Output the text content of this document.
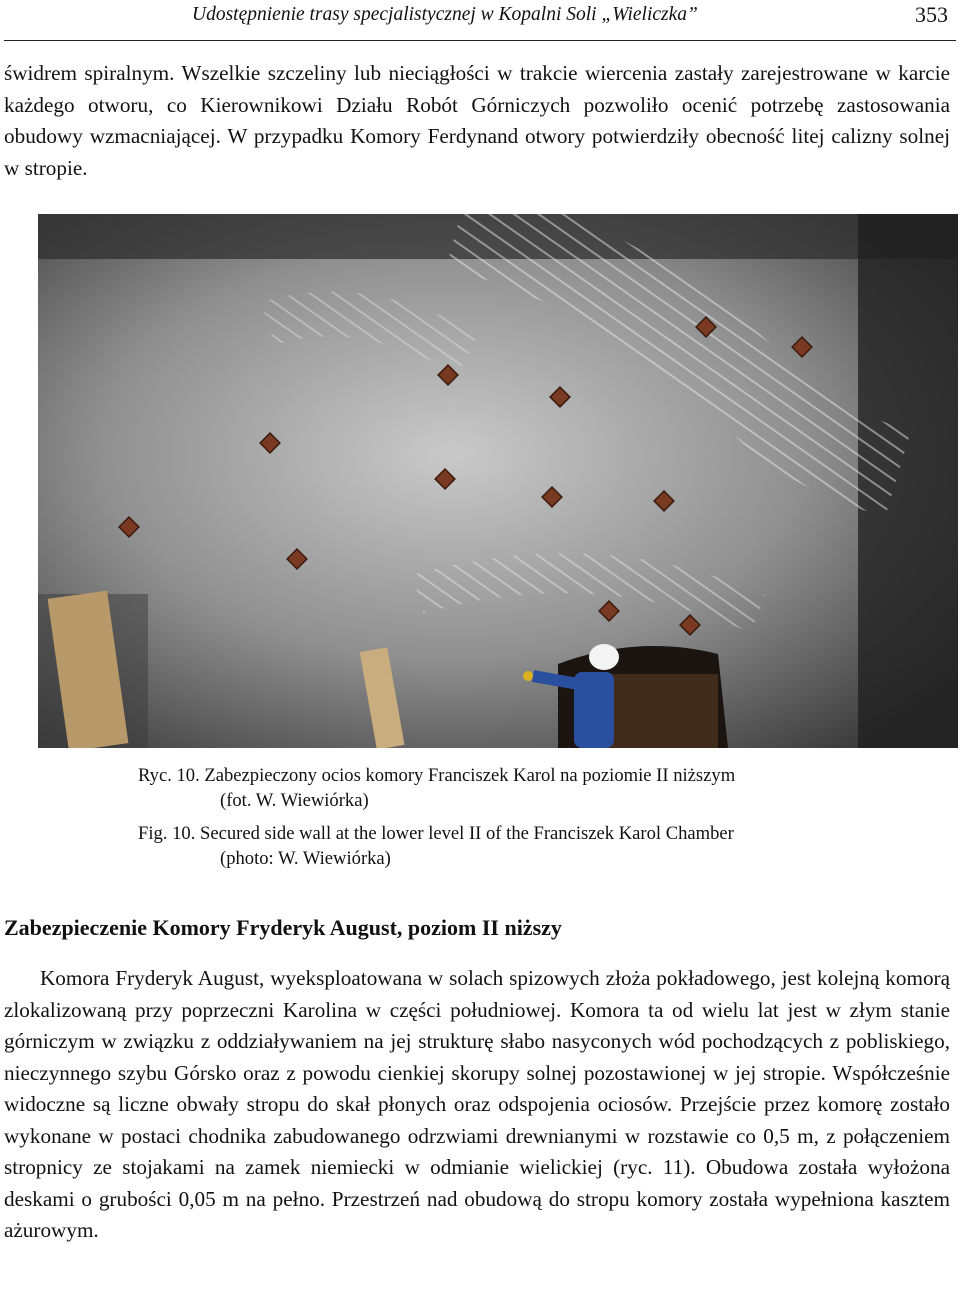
Udostępnienie trasy specjalistycznej w Kopalni Soli „Wieliczka”	353

świdrem spiralnym. Wszelkie szczeliny lub nieciągłości w trakcie wiercenia zastały zarejestrowane w karcie każdego otworu, co Kierownikowi Działu Robót Górniczych pozwoliło ocenić potrzebę zastosowania obudowy wzmacniającej. W przypadku Komory Ferdynand otwory potwierdziły obecność litej calizny solnej w stropie.

Ryc. 10. Zabezpieczony ocios komory Franciszek Karol na poziomie II niższym
(fot. W. Wiewiórka)

Fig. 10. Secured side wall at the lower level II of the Franciszek Karol Chamber
(photo: W. Wiewiórka)

Zabezpieczenie Komory Fryderyk August, poziom II niższy

Komora Fryderyk August, wyeksploatowana w solach spizowych złoża pokładowego, jest kolejną komorą zlokalizowaną przy poprzeczni Karolina w części południowej. Komora ta od wielu lat jest w złym stanie górniczym w związku z oddziaływaniem na jej strukturę słabo nasyconych wód pochodzących z pobliskiego, nieczynnego szybu Górsko oraz z powodu cienkiej skorupy solnej pozostawionej w jej stropie. Współcześnie widoczne są liczne obwały stropu do skał płonych oraz odspojenia ociosów. Przejście przez komorę zostało wykonane w postaci chodnika zabudowanego odrzwiami drewnianymi w rozstawie co 0,5 m, z połączeniem stropnicy ze stojakami na zamek niemiecki w odmianie wielickiej (ryc. 11). Obudowa została wyłożona deskami o grubości 0,05 m na pełno. Przestrzeń nad obudową do stropu komory została wypełniona kasztem ażurowym.
